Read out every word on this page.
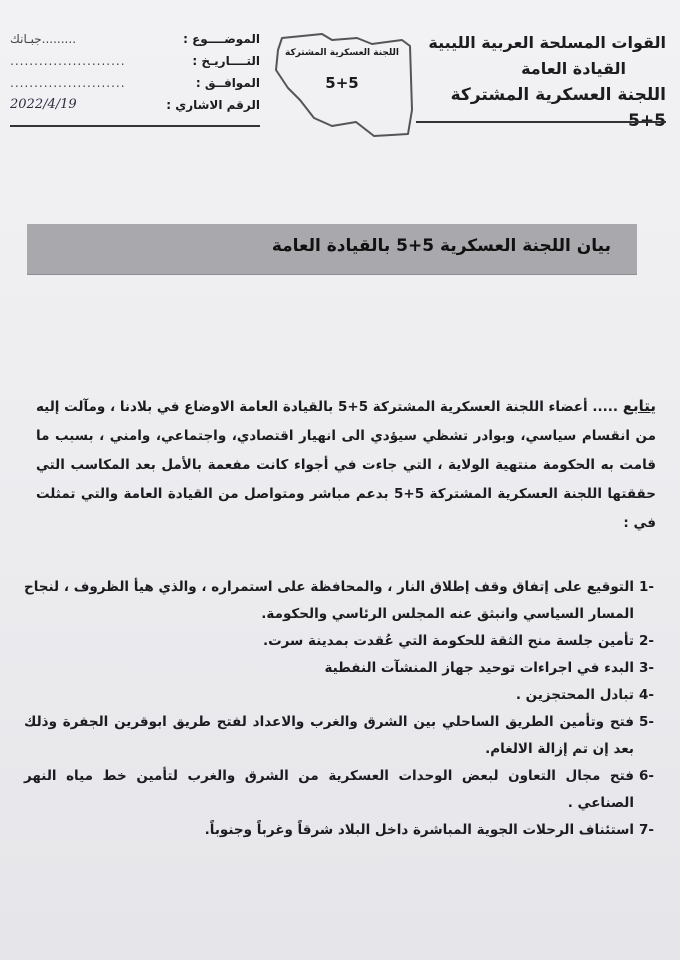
القوات المسلحة العربية الليبية
القيادة العامة
اللجنة العسكرية المشتركة 5+5
اللجنة العسكرية المشتركة
5+5
الموضــــوع :
جبـانك.........
التــــاريـخ :
........................
الموافــق :
........................
الرقم الاشاري :
2022/4/19
بيان اللجنة العسكرية 5+5 بالقيادة العامة
يتابع ..... أعضاء اللجنة العسكرية المشتركة 5+5 بالقيادة العامة الاوضاع في بلادنا ، ومآلت إليه من انقسام سياسي، وبوادر تشظي سيؤدي الى انهيار اقتصادي، واجتماعي، وامني ، بسبب ما قامت به الحكومة منتهية الولاية ، التي جاءت في أجواء كانت مفعمة بالأمل بعد المكاسب التي حققتها اللجنة العسكرية المشتركة 5+5 بدعم مباشر ومتواصل من القيادة العامة والتي تمثلت في :
1-
التوقيع على إتفاق وقف إطلاق النار ، والمحافظة على استمراره ، والذي هيأ الظروف ، لنجاح المسار السياسي وانبثق عنه المجلس الرئاسي والحكومة.
2-
تأمين جلسة منح الثقة للحكومة التي عُقدت بمدينة سرت.
3-
البدء في اجراءات توحيد جهاز المنشآت النفطية
4-
تبادل المحتجزين .
5-
فتح وتأمين الطريق الساحلي بين الشرق والغرب والاعداد لفتح طريق ابوقرين الجفرة وذلك بعد إن تم إزالة الالغام.
6-
فتح مجال التعاون لبعض الوحدات العسكرية من الشرق والغرب لتأمين خط مياه النهر الصناعي .
7-
استئناف الرحلات الجوية المباشرة داخل البلاد شرقاً وغرباً وجنوباً.
